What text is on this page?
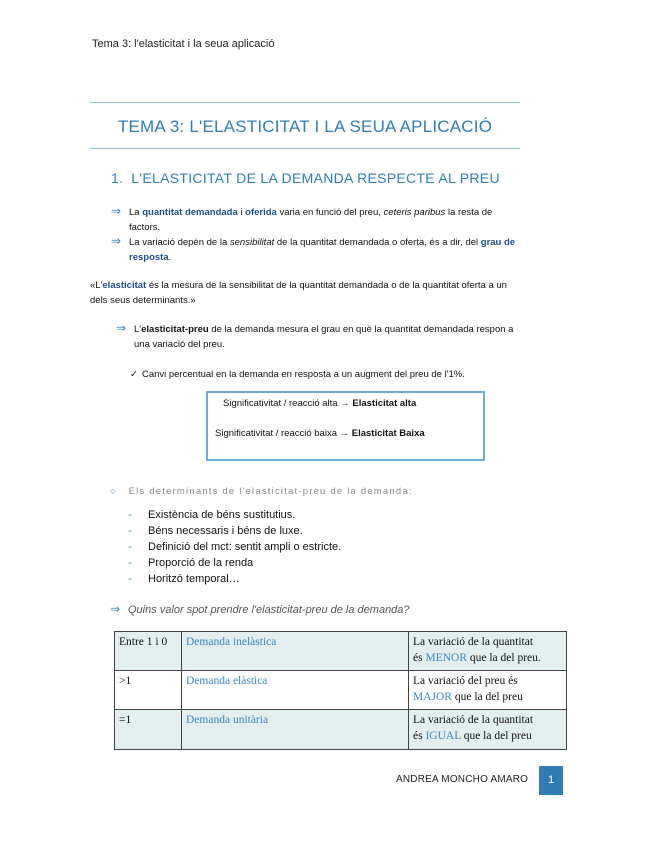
Tema 3: l'elasticitat i la seua aplicació
TEMA 3: L'ELASTICITAT I LA SEUA APLICACIÓ
1. L'ELASTICITAT DE LA DEMANDA RESPECTE AL PREU
⇒ La quantitat demandada i oferida varia en funció del preu, ceteris paribus la resta de
factors.
⇒ La variació depèn de la sensibilitat de la quantitat demandada o oferta, és a dir, del grau de
resposta.
«L'elasticitat és la mesura de la sensibilitat de la quantitat demandada o de la quantitat oferta a un
dels seus determinants.»
⇒ L'elasticitat-preu de la demanda mesura el grau en què la quantitat demandada respon a
una variació del preu.
✓ Canvi percentual en la demanda en resposta a un augment del preu de l'1%.
Significativitat / reacció alta → Elasticitat alta
Significativitat / reacció baixa → Elasticitat Baixa
○ Els determinants de l'elasticitat-preu de la demanda:
- Existència de béns sustitutius.
- Béns necessaris i béns de luxe.
- Definició del mct: sentit ampli o estricte.
- Proporció de la renda
- Horitzó temporal…
⇒ Quins valor spot prendre l'elasticitat-preu de la demanda?
Entre 1 i 0	Demanda inelàstica	La variació de la quantitat
és MENOR que la del preu.
>1	Demanda elàstica	La variació del preu és
MAJOR que la del preu
=1	Demanda unitària	La variació de la quantitat
és IGUAL que la del preu
ANDREA MONCHO AMARO	1
